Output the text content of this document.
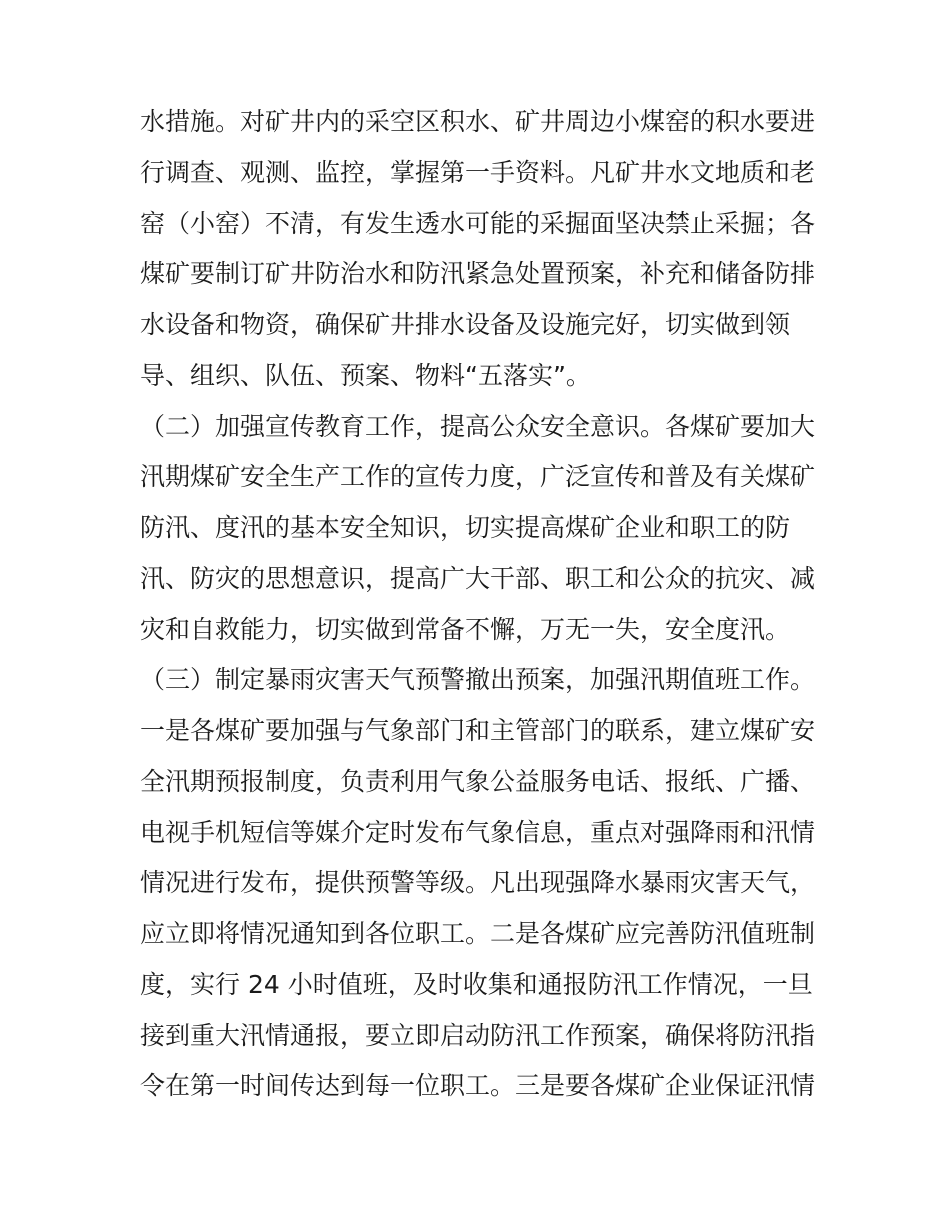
水措施。对矿井内的采空区积水、矿井周边小煤窑的积水要进
行调查、观测、监控，掌握第一手资料。凡矿井水文地质和老
窑（小窑）不清，有发生透水可能的采掘面坚决禁止采掘；各
煤矿要制订矿井防治水和防汛紧急处置预案，补充和储备防排
水设备和物资，确保矿井排水设备及设施完好，切实做到领
导、组织、队伍、预案、物料“五落实”。
（二）加强宣传教育工作，提高公众安全意识。各煤矿要加大
汛期煤矿安全生产工作的宣传力度，广泛宣传和普及有关煤矿
防汛、度汛的基本安全知识，切实提高煤矿企业和职工的防
汛、防灾的思想意识，提高广大干部、职工和公众的抗灾、减
灾和自救能力，切实做到常备不懈，万无一失，安全度汛。
（三）制定暴雨灾害天气预警撤出预案，加强汛期值班工作。
一是各煤矿要加强与气象部门和主管部门的联系，建立煤矿安
全汛期预报制度，负责利用气象公益服务电话、报纸、广播、
电视手机短信等媒介定时发布气象信息，重点对强降雨和汛情
情况进行发布，提供预警等级。凡出现强降水暴雨灾害天气，
应立即将情况通知到各位职工。二是各煤矿应完善防汛值班制
度，实行 24 小时值班，及时收集和通报防汛工作情况，一旦
接到重大汛情通报，要立即启动防汛工作预案，确保将防汛指
令在第一时间传达到每一位职工。三是要各煤矿企业保证汛情
